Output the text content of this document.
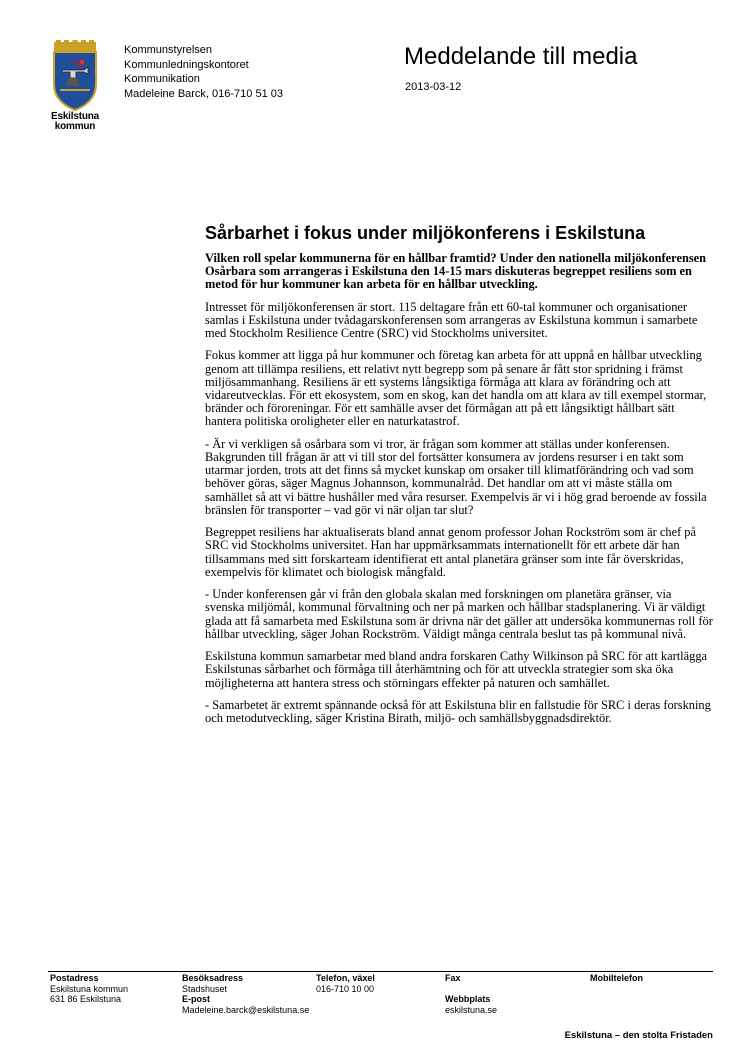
Eskilstuna
kommun
Kommunstyrelsen
Kommunledningskontoret
Kommunikation
Madeleine Barck, 016-710 51 03
Meddelande till media
2013-03-12
Sårbarhet i fokus under miljökonferens i Eskilstuna

Vilken roll spelar kommunerna för en hållbar framtid? Under den nationella miljökonferensen Osårbara som arrangeras i Eskilstuna den 14-15 mars diskuteras begreppet resiliens som en metod för hur kommuner kan arbeta för en hållbar utveckling.

Intresset för miljökonferensen är stort. 115 deltagare från ett 60-tal kommuner och organisationer samlas i Eskilstuna under tvådagarskonferensen som arrangeras av Eskilstuna kommun i samarbete med Stockholm Resilience Centre (SRC) vid Stockholms universitet.

Fokus kommer att ligga på hur kommuner och företag kan arbeta för att uppnå en hållbar utveckling genom att tillämpa resiliens, ett relativt nytt begrepp som på senare år fått stor spridning i främst miljösammanhang. Resiliens är ett systems långsiktiga förmåga att klara av förändring och att vidareutvecklas. För ett ekosystem, som en skog, kan det handla om att klara av till exempel stormar, bränder och föroreningar. För ett samhälle avser det förmågan att på ett långsiktigt hållbart sätt hantera politiska oroligheter eller en naturkatastrof.

- Är vi verkligen så osårbara som vi tror, är frågan som kommer att ställas under konferensen. Bakgrunden till frågan är att vi till stor del fortsätter konsumera av jordens resurser i en takt som utarmar jorden, trots att det finns så mycket kunskap om orsaker till klimatförändring och vad som behöver göras, säger Magnus Johannson, kommunalråd. Det handlar om att vi måste ställa om samhället så att vi bättre hushåller med våra resurser. Exempelvis är vi i hög grad beroende av fossila bränslen för transporter – vad gör vi när oljan tar slut?

Begreppet resiliens har aktualiserats bland annat genom professor Johan Rockström som är chef på SRC vid Stockholms universitet. Han har uppmärksammats internationellt för ett arbete där han tillsammans med sitt forskarteam identifierat ett antal planetära gränser som inte får överskridas, exempelvis för klimatet och biologisk mångfald.

- Under konferensen går vi från den globala skalan med forskningen om planetära gränser, via svenska miljömål, kommunal förvaltning och ner på marken och hållbar stadsplanering. Vi är väldigt glada att få samarbeta med Eskilstuna som är drivna när det gäller att undersöka kommunernas roll för hållbar utveckling, säger Johan Rockström. Väldigt många centrala beslut tas på kommunal nivå.

Eskilstuna kommun samarbetar med bland andra forskaren Cathy Wilkinson på SRC för att kartlägga Eskilstunas sårbarhet och förmåga till återhämtning och för att utveckla strategier som ska öka möjligheterna att hantera stress och störningars effekter på naturen och samhället.

- Samarbetet är extremt spännande också för att Eskilstuna blir en fallstudie för SRC i deras forskning och metodutveckling, säger Kristina Birath, miljö- och samhällsbyggnadsdirektör.

Postadress
Eskilstuna kommun
631 86 Eskilstuna
Besöksadress
Stadshuset
E-post
Madeleine.barck@eskilstuna.se
Telefon, växel
016-710 10 00
Fax

Webbplats
eskilstuna.se
Mobiltelefon
Eskilstuna – den stolta Fristaden
